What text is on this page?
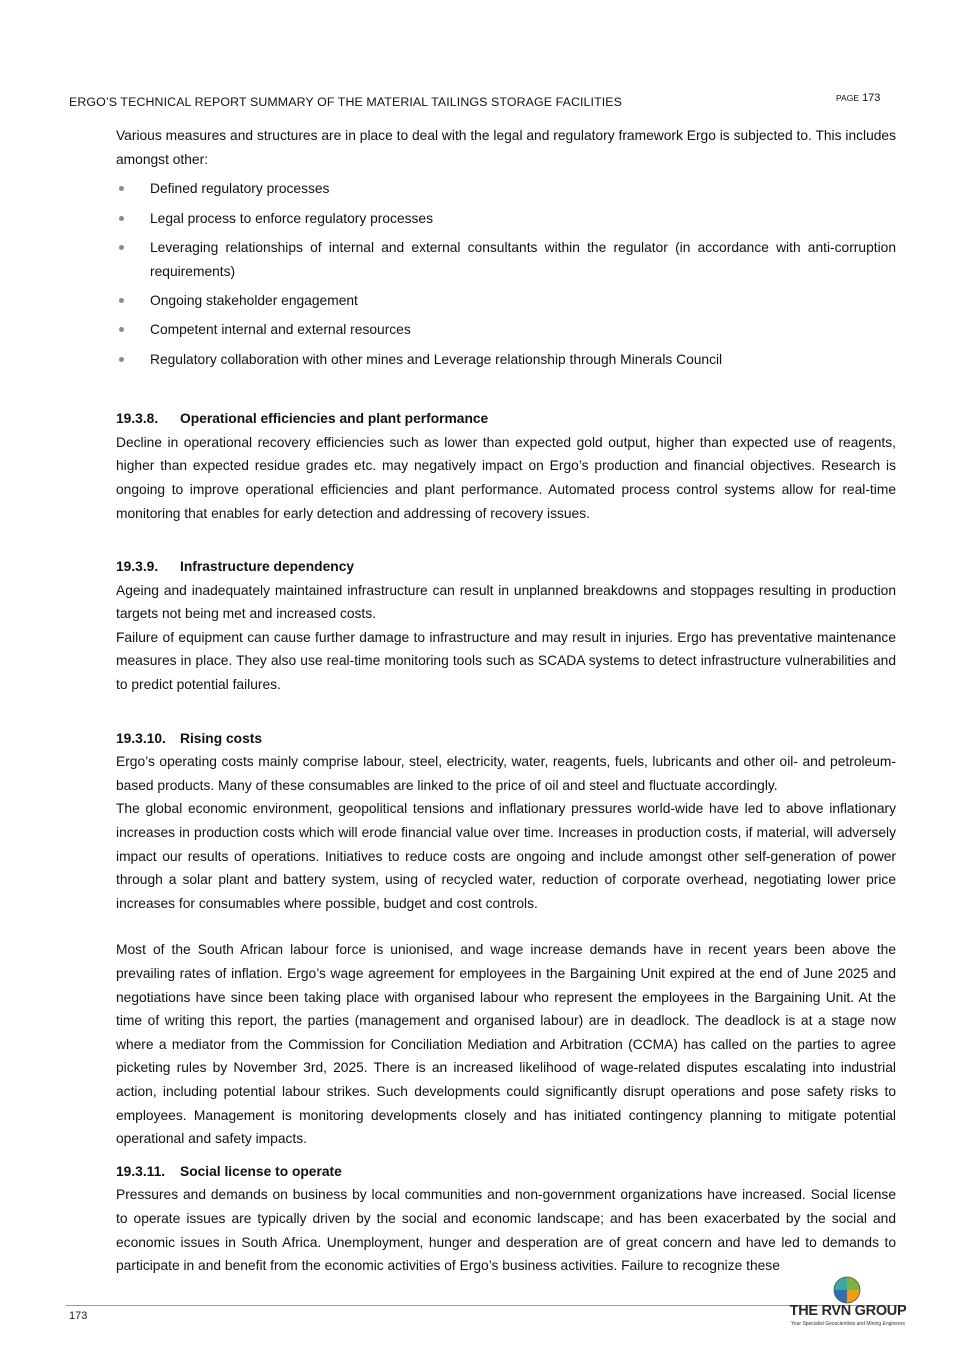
ERGO’S TECHNICAL REPORT SUMMARY OF THE MATERIAL TAILINGS STORAGE FACILITIES	PAGE 173

Various measures and structures are in place to deal with the legal and regulatory framework Ergo is subjected to. This includes amongst other:

Defined regulatory processes
Legal process to enforce regulatory processes
Leveraging relationships of internal and external consultants within the regulator (in accordance with anti-corruption requirements)
Ongoing stakeholder engagement
Competent internal and external resources
Regulatory collaboration with other mines and Leverage relationship through Minerals Council

19.3.8. Operational efficiencies and plant performance

Decline in operational recovery efficiencies such as lower than expected gold output, higher than expected use of reagents, higher than expected residue grades etc. may negatively impact on Ergo’s production and financial objectives. Research is ongoing to improve operational efficiencies and plant performance. Automated process control systems allow for real-time monitoring that enables for early detection and addressing of recovery issues.

19.3.9. Infrastructure dependency

Ageing and inadequately maintained infrastructure can result in unplanned breakdowns and stoppages resulting in production targets not being met and increased costs.

Failure of equipment can cause further damage to infrastructure and may result in injuries. Ergo has preventative maintenance measures in place. They also use real-time monitoring tools such as SCADA systems to detect infrastructure vulnerabilities and to predict potential failures.

19.3.10. Rising costs

Ergo’s operating costs mainly comprise labour, steel, electricity, water, reagents, fuels, lubricants and other oil- and petroleum-based products. Many of these consumables are linked to the price of oil and steel and fluctuate accordingly.

The global economic environment, geopolitical tensions and inflationary pressures world-wide have led to above inflationary increases in production costs which will erode financial value over time. Increases in production costs, if material, will adversely impact our results of operations. Initiatives to reduce costs are ongoing and include amongst other self-generation of power through a solar plant and battery system, using of recycled water, reduction of corporate overhead, negotiating lower price increases for consumables where possible, budget and cost controls.

Most of the South African labour force is unionised, and wage increase demands have in recent years been above the prevailing rates of inflation. Ergo’s wage agreement for employees in the Bargaining Unit expired at the end of June 2025 and negotiations have since been taking place with organised labour who represent the employees in the Bargaining Unit. At the time of writing this report, the parties (management and organised labour) are in deadlock. The deadlock is at a stage now where a mediator from the Commission for Conciliation Mediation and Arbitration (CCMA) has called on the parties to agree picketing rules by November 3rd, 2025. There is an increased likelihood of wage-related disputes escalating into industrial action, including potential labour strikes. Such developments could significantly disrupt operations and pose safety risks to employees. Management is monitoring developments closely and has initiated contingency planning to mitigate potential operational and safety impacts.

19.3.11. Social license to operate

Pressures and demands on business by local communities and non-government organizations have increased. Social license to operate issues are typically driven by the social and economic landscape; and has been exacerbated by the social and economic issues in South Africa. Unemployment, hunger and desperation are of great concern and have led to demands to participate in and benefit from the economic activities of Ergo’s business activities. Failure to recognize these

173	THE RVN GROUP
Your Specialist Geoscientists and Mining Engineers
